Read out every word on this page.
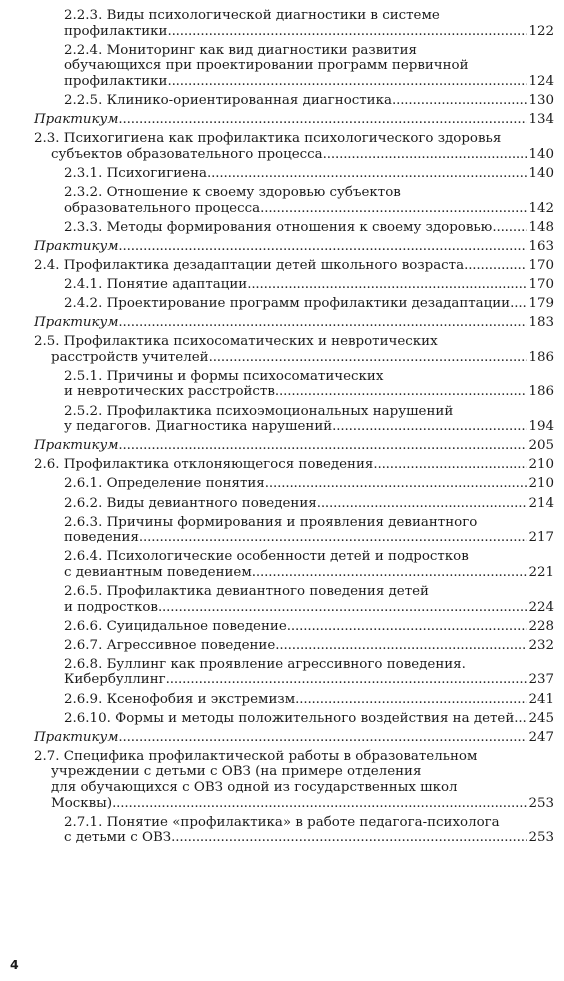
2.2.3. Виды психологической диагностики в системе
профилактики . . .	122
2.2.4. Мониторинг как вид диагностики развития
обучающихся при проектировании программ первичной
профилактики . . .	124
2.2.5. Клинико-ориентированная диагностика . . .	130
Практикум . . .	134
2.3. Психогигиена как профилактика психологического здоровья
субъектов образовательного процесса . . .	140
2.3.1. Психогигиена . . .	140
2.3.2. Отношение к своему здоровью субъектов
образовательного процесса . . .	142
2.3.3. Методы формирования отношения к своему здоровью . . .	148
Практикум . . .	163
2.4. Профилактика дезадаптации детей школьного возраста . . .	170
2.4.1. Понятие адаптации . . .	170
2.4.2. Проектирование программ профилактики дезадаптации . . . 179
Практикум . . .	183
2.5. Профилактика психосоматических и невротических
расстройств учителей . . .	186
2.5.1. Причины и формы психосоматических
и невротических расстройств . . .	186
2.5.2. Профилактика психоэмоциональных нарушений
у педагогов. Диагностика нарушений . . .	194
Практикум . . .	205
2.6. Профилактика отклоняющегося поведения . . .	210
2.6.1. Определение понятия . . .	210
2.6.2. Виды девиантного поведения . . .	214
2.6.3. Причины формирования и проявления девиантного
поведения . . .	217
2.6.4. Психологические особенности детей и подростков
с девиантным поведением . . .	221
2.6.5. Профилактика девиантного поведения детей
и подростков . . .	224
2.6.6. Суицидальное поведение . . .	228
2.6.7. Агрессивное поведение . . .	232
2.6.8. Буллинг как проявление агрессивного поведения.
Кибербуллинг . . .	237
2.6.9. Ксенофобия и экстремизм . . .	241
2.6.10. Формы и методы положительного воздействия на детей . . . 245
Практикум . . .	247
2.7. Специфика профилактической работы в образовательном
учреждении с детьми с ОВЗ (на примере отделения
для обучающихся с ОВЗ одной из государственных школ
Москвы) . . .	253
2.7.1. Понятие «профилактика» в работе педагога-психолога
с детьми с ОВЗ . . .	253
4
